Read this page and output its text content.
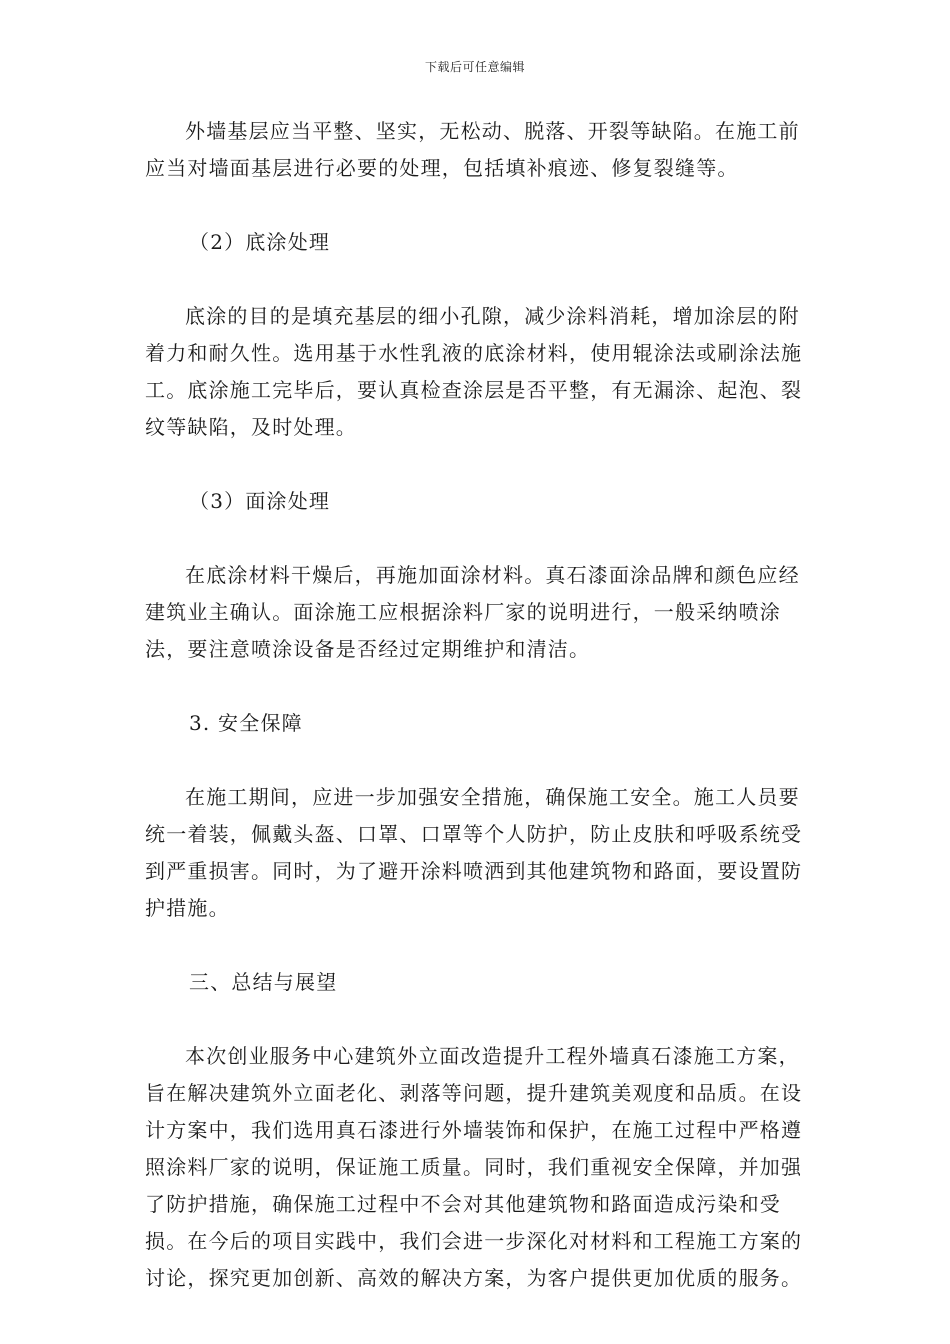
下载后可任意编辑

外墙基层应当平整、坚实，无松动、脱落、开裂等缺陷。在施工前应当对墙面基层进行必要的处理，包括填补痕迹、修复裂缝等。

（2）底涂处理

底涂的目的是填充基层的细小孔隙，减少涂料消耗，增加涂层的附着力和耐久性。选用基于水性乳液的底涂材料，使用辊涂法或刷涂法施工。底涂施工完毕后，要认真检查涂层是否平整，有无漏涂、起泡、裂纹等缺陷，及时处理。

（3）面涂处理

在底涂材料干燥后，再施加面涂材料。真石漆面涂品牌和颜色应经建筑业主确认。面涂施工应根据涂料厂家的说明进行，一般采纳喷涂法，要注意喷涂设备是否经过定期维护和清洁。

3. 安全保障

在施工期间，应进一步加强安全措施，确保施工安全。施工人员要统一着装，佩戴头盔、口罩、口罩等个人防护，防止皮肤和呼吸系统受到严重损害。同时，为了避开涂料喷洒到其他建筑物和路面，要设置防护措施。

三、总结与展望

本次创业服务中心建筑外立面改造提升工程外墙真石漆施工方案，旨在解决建筑外立面老化、剥落等问题，提升建筑美观度和品质。在设计方案中，我们选用真石漆进行外墙装饰和保护，在施工过程中严格遵照涂料厂家的说明，保证施工质量。同时，我们重视安全保障，并加强了防护措施，确保施工过程中不会对其他建筑物和路面造成污染和受损。在今后的项目实践中，我们会进一步深化对材料和工程施工方案的讨论，探究更加创新、高效的解决方案，为客户提供更加优质的服务。
